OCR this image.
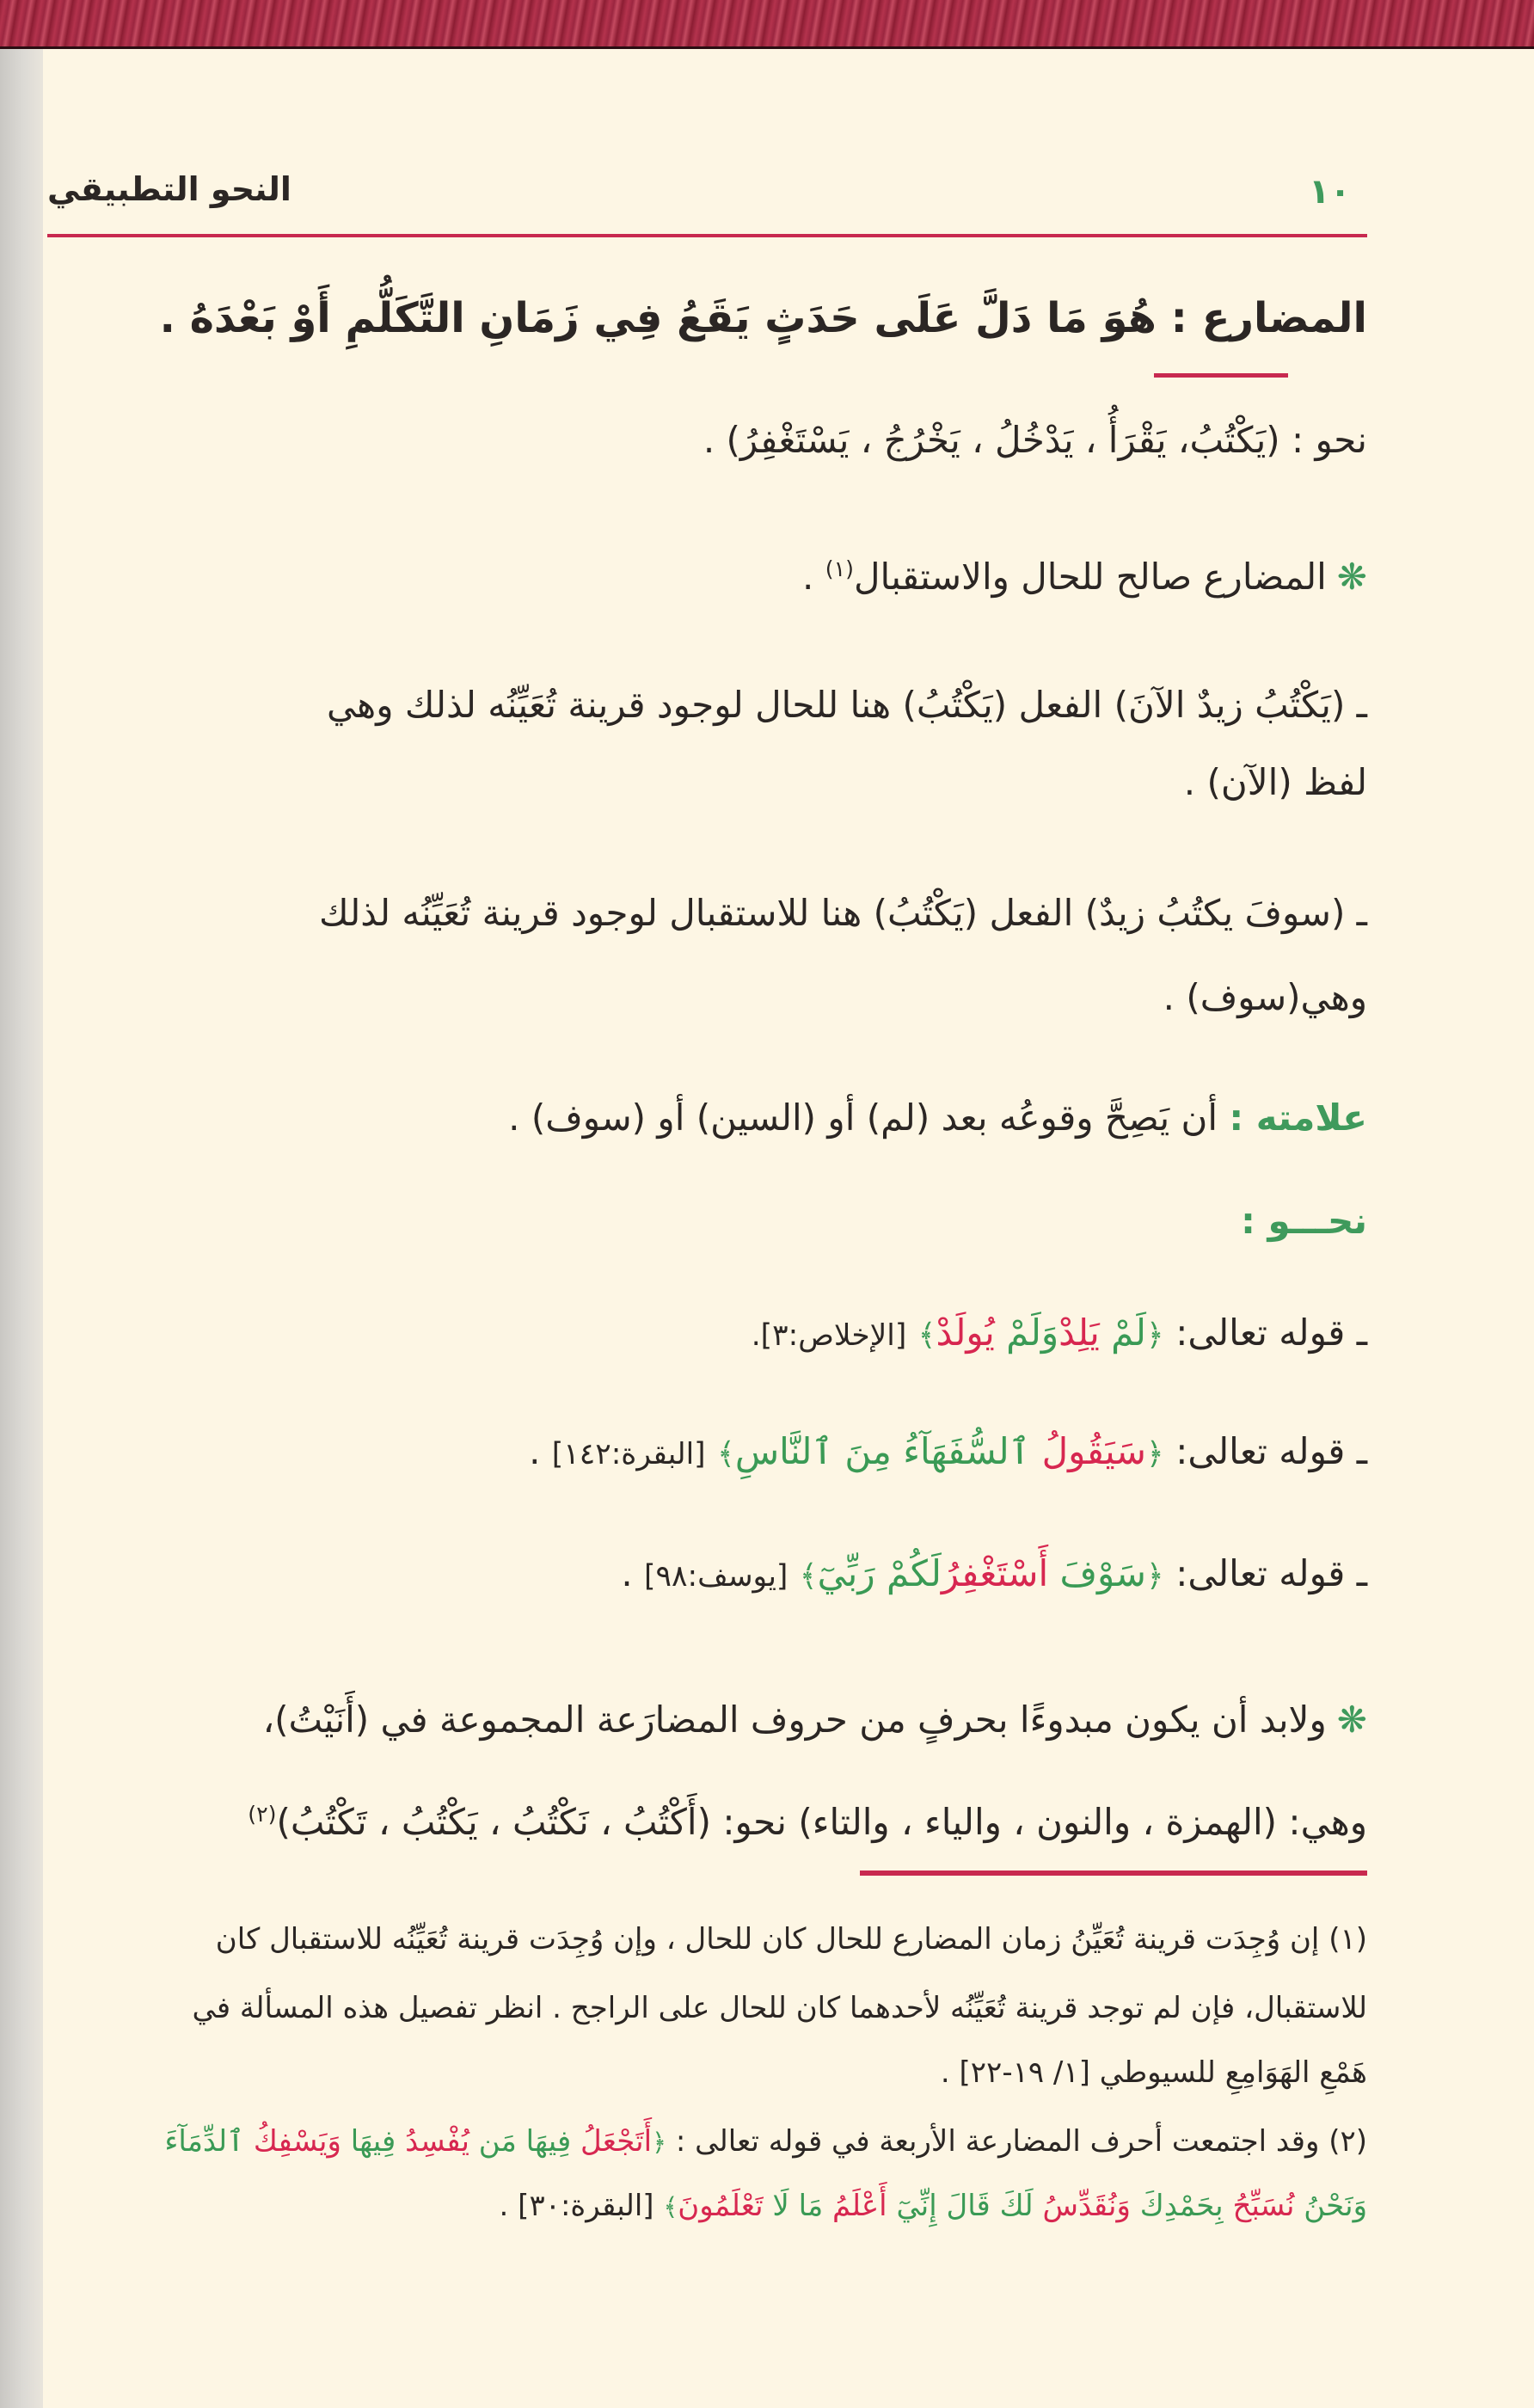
النحو التطبيقي	١٠
المضارع : هُوَ مَا دَلَّ عَلَى حَدَثٍ يَقَعُ فِي زَمَانِ التَّكَلُّمِ أَوْ بَعْدَهُ .
نحو : (يَكْتُبُ، يَقْرَأُ ، يَدْخُلُ ، يَخْرُجُ ، يَسْتَغْفِرُ) .
❋المضارع صالح للحال والاستقبال$^{(١)}$ .
ـ (يَكْتُبُ زيدٌ الآنَ) الفعل (يَكْتُبُ) هنا للحال لوجود قرينة تُعَيِّنُه لذلك وهي
لفظ (الآن) .
ـ (سوفَ يكتُبُ زيدٌ) الفعل (يَكْتُبُ) هنا للاستقبال لوجود قرينة تُعَيِّنُه لذلك
وهي(سوف) .
علامته : أن يَصِحَّ وقوعُه بعد (لم) أو (السين) أو (سوف) .
نحـــو :
ـ قوله تعالى: ﴿لَمْ يَلِدْوَلَمْ يُولَدْ﴾ [الإخلاص:٣].
ـ قوله تعالى: ﴿سَيَقُولُ ٱلسُّفَهَآءُ مِنَ ٱلنَّاسِ﴾ [البقرة:١٤٢] .
ـ قوله تعالى: ﴿سَوْفَ أَسْتَغْفِرُلَكُمْ رَبِّيٓ﴾ [يوسف:٩٨] .
❋ولابد أن يكون مبدوءًا بحرفٍ من حروف المضارَعة المجموعة في (أَنَيْتُ)،
وهي: (الهمزة ، والنون ، والياء ، والتاء) نحو: (أَكْتُبُ ، نَكْتُبُ ، يَكْتُبُ ، تَكْتُبُ)$^{(٢)}$
(١) إن وُجِدَت قرينة تُعَيِّنُ زمان المضارع للحال كان للحال ، وإن وُجِدَت قرينة تُعَيِّنُه للاستقبال كان
للاستقبال، فإن لم توجد قرينة تُعَيِّنُه لأحدهما كان للحال على الراجح . انظر تفصيل هذه المسألة في
هَمْعِ الهَوَامِعِ للسيوطي [١/ ١٩-٢٢] .
(٢) وقد اجتمعت أحرف المضارعة الأربعة في قوله تعالى : ﴿أَتَجْعَلُ فِيهَا مَن يُفْسِدُ فِيهَا وَيَسْفِكُ ٱلدِّمَآءَ
وَنَحْنُ نُسَبِّحُ بِحَمْدِكَ وَنُقَدِّسُ لَكَ قَالَ إِنِّيٓ أَعْلَمُ مَا لَا تَعْلَمُونَ﴾ [البقرة:٣٠] .
